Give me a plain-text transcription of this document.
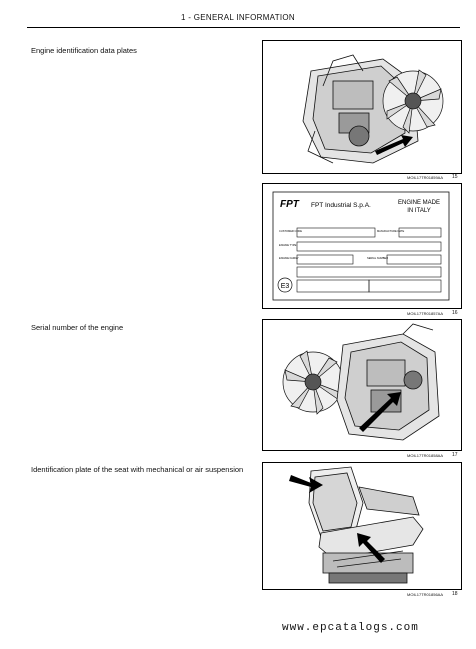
1 - GENERAL INFORMATION
Engine identification data plates
MOIL17TR01859AA 15
FPT FPT Industrial S.p.A.	ENGINE MADE
IN ITALY
CUSTOMER CODE	MANUFACTURE DATE
ENGINE TYPE
ENGINE FAMILY	SERIAL NUMBER
E3
MOIL17TR01857AA 16
Serial number of the engine
MOIL17TR01858AA 17
Identification plate of the seat with mechanical or air suspension
MOIL17TR01856AA 18
www.epcatalogs.com
